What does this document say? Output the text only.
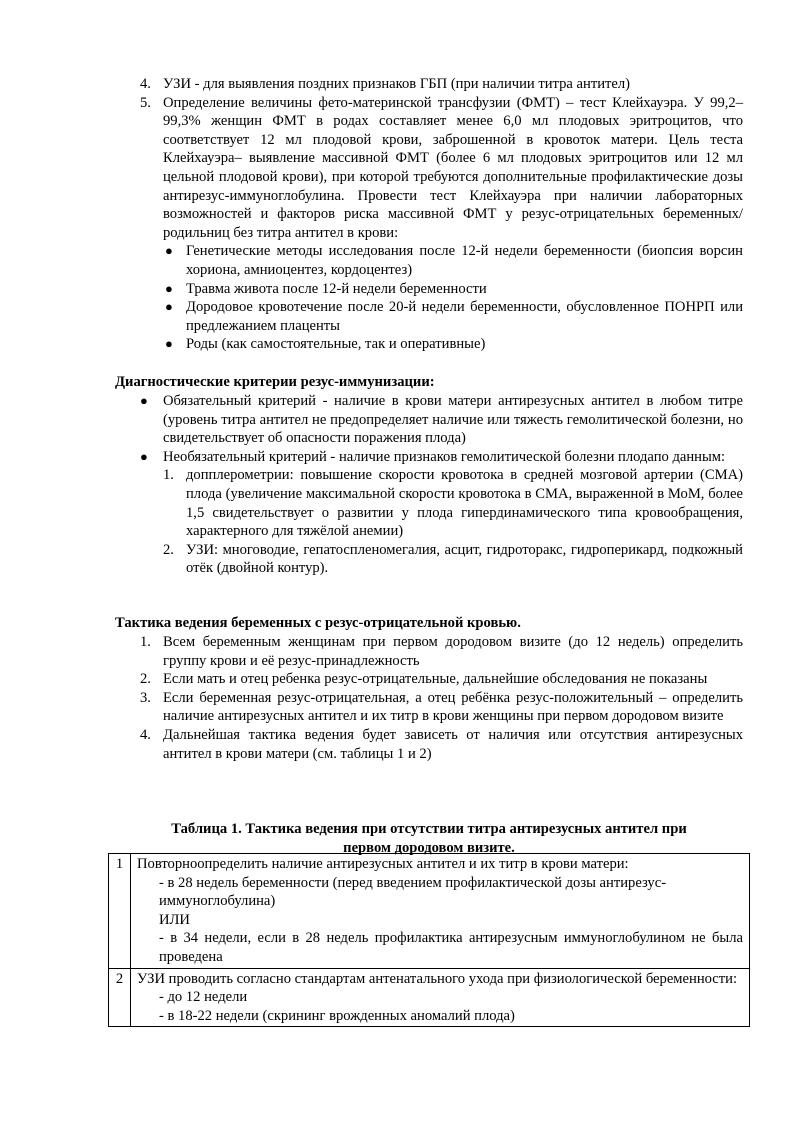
4. УЗИ - для выявления поздних признаков ГБП (при наличии титра антител)
5. Определение величины фето-материнской трансфузии (ФМТ) – тест Клейхауэра. У 99,2–99,3% женщин ФМТ в родах составляет менее 6,0 мл плодовых эритроцитов, что соответствует 12 мл плодовой крови, заброшенной в кровоток матери. Цель теста Клейхауэра– выявление массивной ФМТ (более 6 мл плодовых эритроцитов или 12 мл цельной плодовой крови), при которой требуются дополнительные профилактические дозы антирезус-иммуноглобулина. Провести тест Клейхауэра при наличии лабораторных возможностей и факторов риска массивной ФМТ у резус-отрицательных беременных/родильниц без титра антител в крови:
● Генетические методы исследования после 12-й недели беременности (биопсия ворсин хориона, амниоцентез, кордоцентез)
● Травма живота после 12-й недели беременности
● Дородовое кровотечение после 20-й недели беременности, обусловленное ПОНРП или предлежанием плаценты
● Роды (как самостоятельные, так и оперативные)
Диагностические критерии резус-иммунизации:
● Обязательный критерий - наличие в крови матери антирезусных антител в любом титре (уровень титра антител не предопределяет наличие или тяжесть гемолитической болезни, но свидетельствует об опасности поражения плода)
● Необязательный критерий - наличие признаков гемолитической болезни плодапо данным:
1. допплерометрии: повышение скорости кровотока в средней мозговой артерии (СМА) плода (увеличение максимальной скорости кровотока в СМА, выраженной в МоМ, более 1,5 свидетельствует о развитии у плода гипердинамического типа кровообращения, характерного для тяжёлой анемии)
2. УЗИ: многоводие, гепатоспленомегалия, асцит, гидроторакс, гидроперикард, подкожный отёк (двойной контур).
Тактика ведения беременных с резус-отрицательной кровью.
1. Всем беременным женщинам при первом дородовом визите (до 12 недель) определить группу крови и её резус-принадлежность
2. Если мать и отец ребенка резус-отрицательные, дальнейшие обследования не показаны
3. Если беременная резус-отрицательная, а отец ребёнка резус-положительный – определить наличие антирезусных антител и их титр в крови женщины при первом дородовом визите
4. Дальнейшая тактика ведения будет зависеть от наличия или отсутствия антирезусных антител в крови матери (см. таблицы 1 и 2)
Таблица 1. Тактика ведения при отсутствии титра антирезусных антител при
первом дородовом визите.
1	Повторноопределить наличие антирезусных антител и их титр в крови матери:
- в 28 недель беременности (перед введением профилактической дозы антирезус-иммуноглобулина)
ИЛИ
- в 34 недели, если в 28 недель профилактика антирезусным иммуноглобулином не была проведена

2	УЗИ проводить согласно стандартам антенатального ухода при физиологической беременности:
- до 12 недели
- в 18-22 недели (скрининг врожденных аномалий плода)
